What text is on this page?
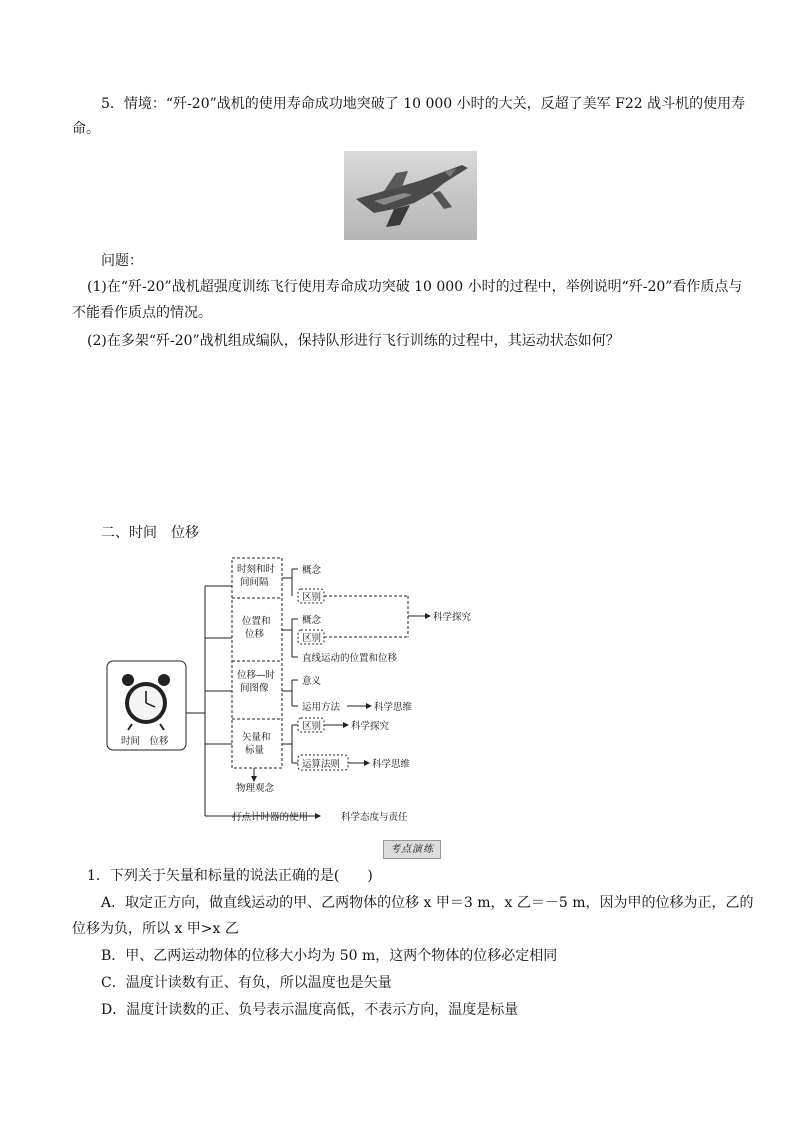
5．情境：“歼-20”战机的使用寿命成功地突破了 10 000 小时的大关，反超了美军 F22 战斗机的使用寿
命。
问题：
(1)在“歼-20”战机超强度训练飞行使用寿命成功突破 10 000 小时的过程中，举例说明“歼-20”看作质点与
不能看作质点的情况。
(2)在多架“歼-20”战机组成编队，保持队形进行飞行训练的过程中，其运动状态如何？
二、时间　位移
时间　位移
时刻和时
间间隔
位置和
位移
位移—时
间图像
矢量和
标量
概念
区别
概念
区别
直线运动的位置和位移
科学探究
意义
运用方法	科学思维
区别	科学探究
运算法则	科学思维
物理观念
打点计时器的使用	科学态度与责任
考点演练
1．下列关于矢量和标量的说法正确的是(　　)
A．取定正方向，做直线运动的甲、乙两物体的位移 x 甲＝3 m，x 乙＝－5 m，因为甲的位移为正，乙的
位移为负，所以 x 甲>x 乙
B．甲、乙两运动物体的位移大小均为 50 m，这两个物体的位移必定相同
C．温度计读数有正、有负，所以温度也是矢量
D．温度计读数的正、负号表示温度高低，不表示方向，温度是标量
